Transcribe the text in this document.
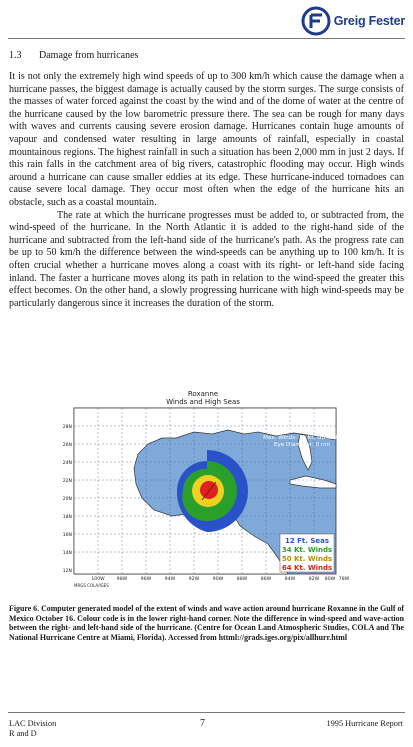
Greig Fester
1.3 Damage from hurricanes

It is not only the extremely high wind speeds of up to 300 km/h which cause the damage when a hurricane passes, the biggest damage is actually caused by the storm surges. The surge consists of the masses of water forced against the coast by the wind and of the dome of water at the centre of the hurricane caused by the low barometric pressure there. The sea can be rough for many days with waves and currents causing severe erosion damage. Hurricanes contain huge amounts of vapour and condensed water resulting in large amounts of rainfall, especially in coastal mountainous regions. The highest rainfall in such a situation has been 2,000 mm in just 2 days. If this rain falls in the catchment area of big rivers, catastrophic flooding may occur. High winds around a hurricane can cause smaller eddies at its edge. These hurricane-induced tornadoes can cause severe local damage. They occur most often when the edge of the hurricane hits an obstacle, such as a coastal mountain.

The rate at which the hurricane progresses must be added to, or subtracted from, the wind-speed of the hurricane. In the North Atlantic it is added to the right-hand side of the hurricane and subtracted from the left-hand side of the hurricane's path. As the progress rate can be up to 50 km/h the difference between the wind-speeds can be anything up to 100 km/h. It is often crucial whether a hurricane moves along a coast with its right- or left-hand side facing inland. The faster a hurricane moves along its path in relation to the wind-speed the greater this effect becomes. On the other hand, a slowly progressing hurricane with high wind-speeds may be particularly dangerous since it increases the duration of the storm.

Roxanne
Winds and High Seas
OCT 16/0300Z
Lat: 20.3N, Lon: 91.6W
Pressure: 979 mb
Max. Winds: 75 Kt, Gust: 90
Eye Diameter: 0 nm
12 Ft. Seas
34 Kt. Winds
50 Kt. Winds
64 Kt. Winds
28N
26N
24N
22N
20N
18N
16N
14N
12N
100W	98W	96W	94W	92W	90W	88W	86W	84W	82W 80W 78W
MRGS COLA/IGES

Figure 6. Computer generated model of the extent of winds and wave action around hurricane Roxanne in the Gulf of Mexico October 16. Colour code is in the lower right-hand corner. Note the difference in wind-speed and wave-action between the right- and left-hand side of the hurricane. (Centre for Ocean Land Atmospheric Studies, COLA and The National Hurricane Centre at Miami, Florida). Accessed from httml://grads.iges.org/pix/allhurr.html

LAC Division
R and D
7	1995 Hurricane Report
